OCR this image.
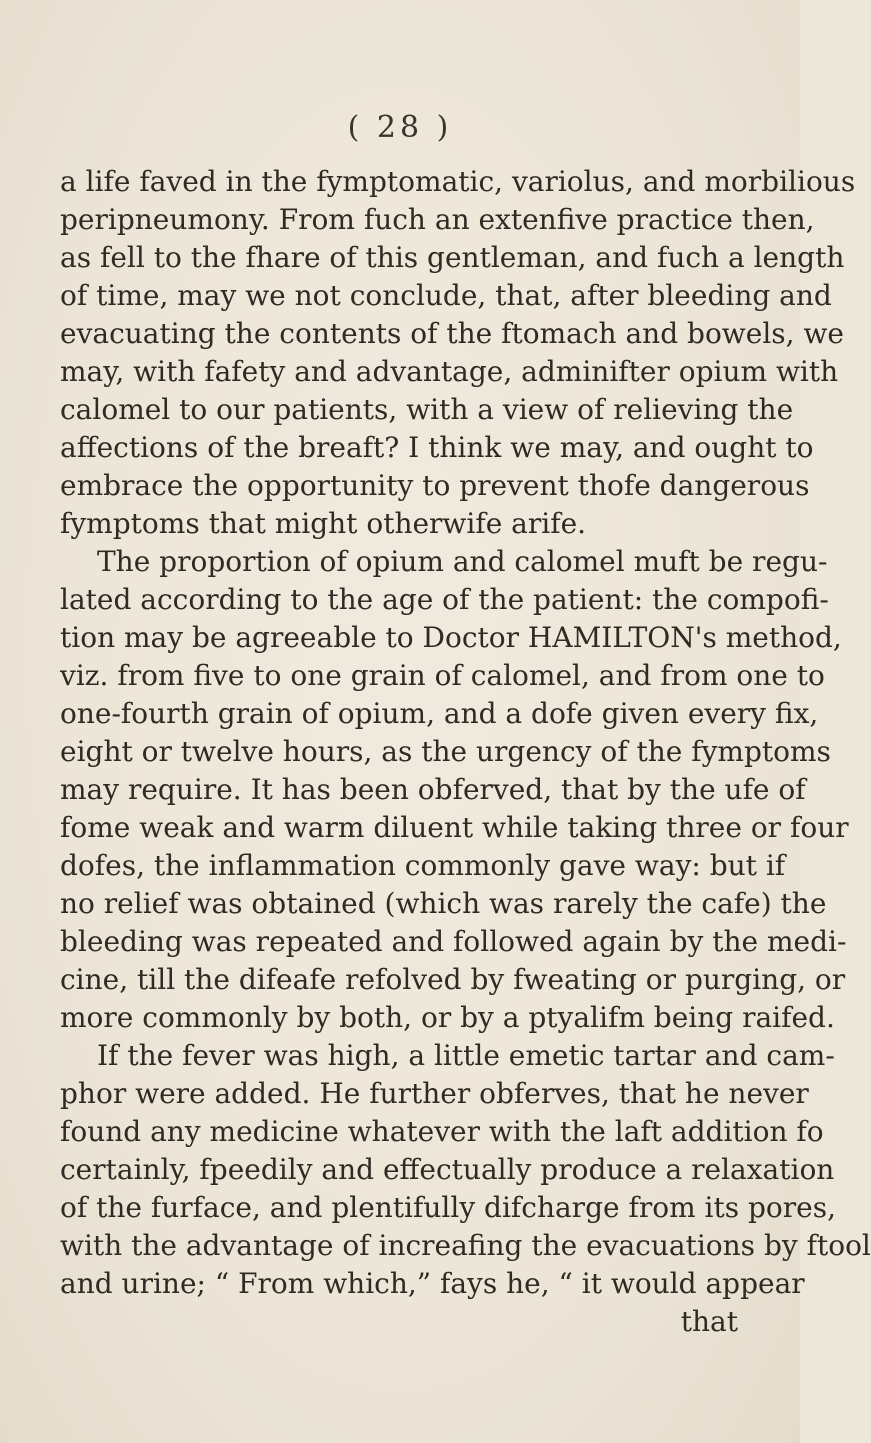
( 28 )
a life faved in the fymptomatic, variolus, and morbilious
peripneumony. From fuch an extenfive practice then,
as fell to the fhare of this gentleman, and fuch a length
of time, may we not conclude, that, after bleeding and
evacuating the contents of the ftomach and bowels, we
may, with fafety and advantage, adminifter opium with
calomel to our patients, with a view of relieving the
affections of the breaft? I think we may, and ought to
embrace the opportunity to prevent thofe dangerous
fymptoms that might otherwife arife.
The proportion of opium and calomel muft be regu-
lated according to the age of the patient: the compofi-
tion may be agreeable to Doctor HAMILTON's method,
viz. from five to one grain of calomel, and from one to
one-fourth grain of opium, and a dofe given every fix,
eight or twelve hours, as the urgency of the fymptoms
may require. It has been obferved, that by the ufe of
fome weak and warm diluent while taking three or four
dofes, the inflammation commonly gave way: but if
no relief was obtained (which was rarely the cafe) the
bleeding was repeated and followed again by the medi-
cine, till the difeafe refolved by fweating or purging, or
more commonly by both, or by a ptyalifm being raifed.
If the fever was high, a little emetic tartar and cam-
phor were added. He further obferves, that he never
found any medicine whatever with the laft addition fo
certainly, fpeedily and effectually produce a relaxation
of the furface, and plentifully difcharge from its pores,
with the advantage of increafing the evacuations by ftool
and urine; “ From which,” fays he, “ it would appear
that
